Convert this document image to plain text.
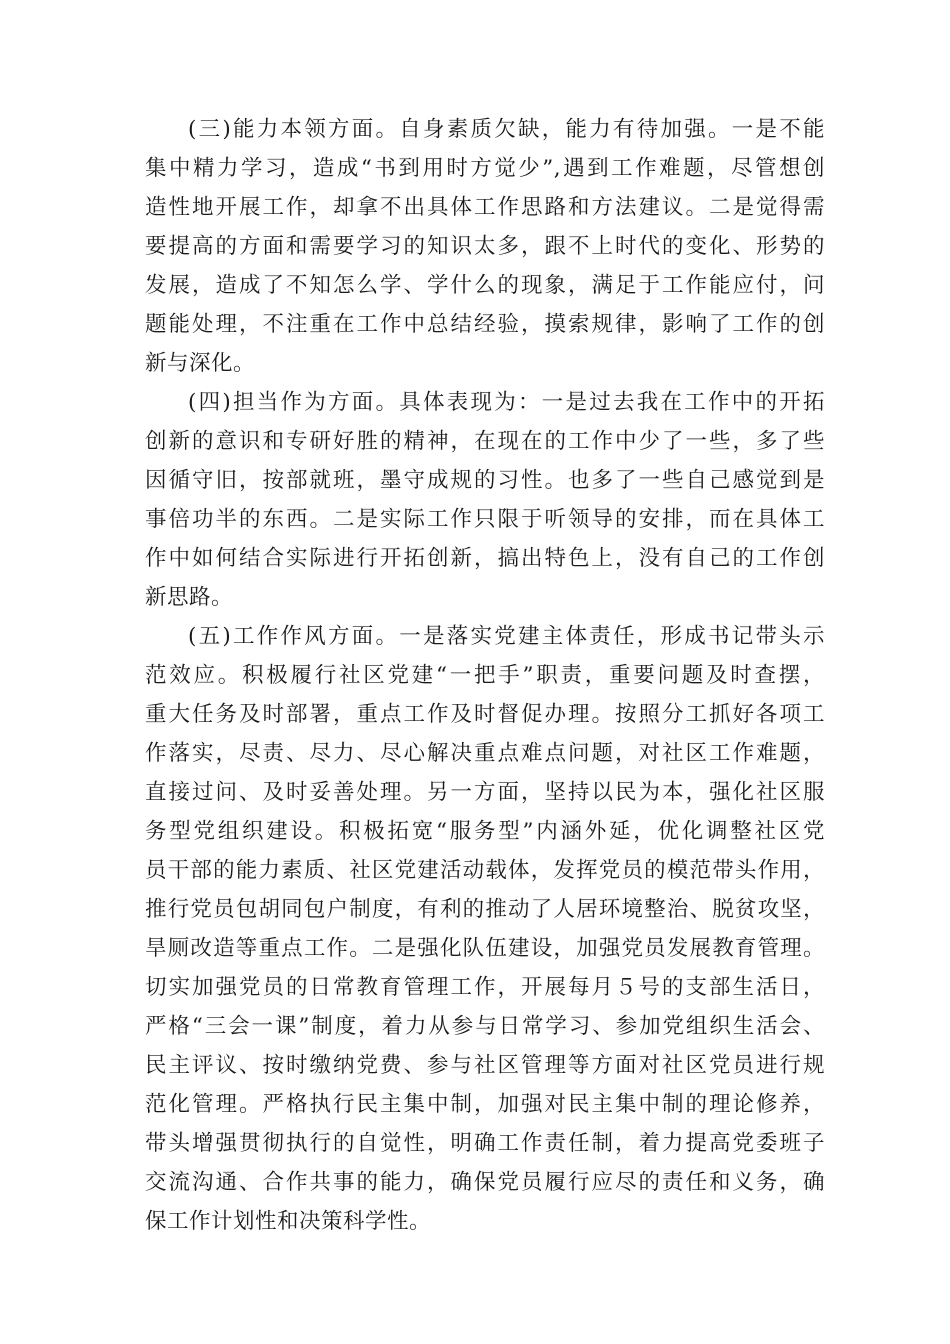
(三)能力本领方面。自身素质欠缺，能力有待加强。一是不能
集中精力学习，造成“书到用时方觉少”,遇到工作难题，尽管想创
造性地开展工作，却拿不出具体工作思路和方法建议。二是觉得需
要提高的方面和需要学习的知识太多，跟不上时代的变化、形势的
发展，造成了不知怎么学、学什么的现象，满足于工作能应付，问
题能处理，不注重在工作中总结经验，摸索规律，影响了工作的创
新与深化。
(四)担当作为方面。具体表现为：一是过去我在工作中的开拓
创新的意识和专研好胜的精神，在现在的工作中少了一些，多了些
因循守旧，按部就班，墨守成规的习性。也多了一些自己感觉到是
事倍功半的东西。二是实际工作只限于听领导的安排，而在具体工
作中如何结合实际进行开拓创新，搞出特色上，没有自己的工作创
新思路。
(五)工作作风方面。一是落实党建主体责任，形成书记带头示
范效应。积极履行社区党建“一把手”职责，重要问题及时查摆，
重大任务及时部署，重点工作及时督促办理。按照分工抓好各项工
作落实，尽责、尽力、尽心解决重点难点问题，对社区工作难题，
直接过问、及时妥善处理。另一方面，坚持以民为本，强化社区服
务型党组织建设。积极拓宽“服务型”内涵外延，优化调整社区党
员干部的能力素质、社区党建活动载体，发挥党员的模范带头作用，
推行党员包胡同包户制度，有利的推动了人居环境整治、脱贫攻坚，
旱厕改造等重点工作。二是强化队伍建设，加强党员发展教育管理。
切实加强党员的日常教育管理工作，开展每月５号的支部生活日，
严格“三会一课”制度，着力从参与日常学习、参加党组织生活会、
民主评议、按时缴纳党费、参与社区管理等方面对社区党员进行规
范化管理。严格执行民主集中制，加强对民主集中制的理论修养，
带头增强贯彻执行的自觉性，明确工作责任制，着力提高党委班子
交流沟通、合作共事的能力，确保党员履行应尽的责任和义务，确
保工作计划性和决策科学性。
